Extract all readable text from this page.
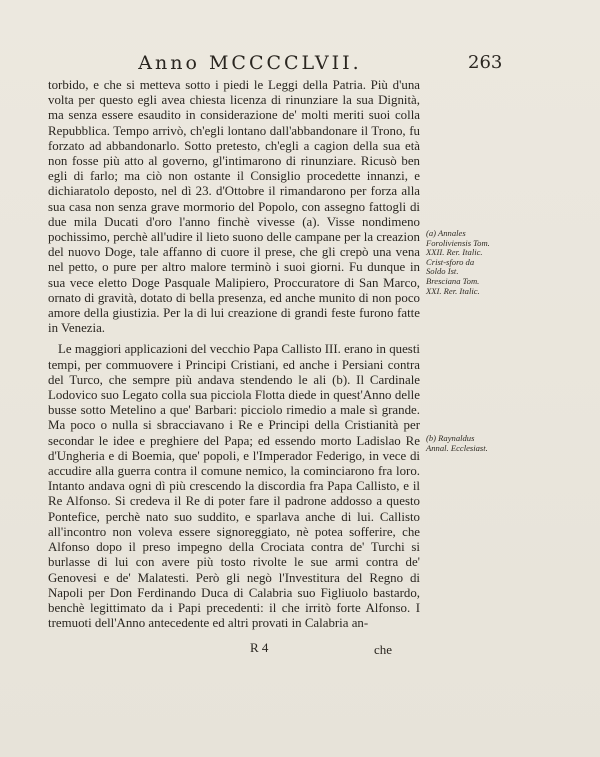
Anno MCCCCLVII.	263

torbido, e che si metteva sotto i piedi le Leggi della Patria. Più d'una volta per questo egli avea chiesta licenza di rinunziare la sua Dignità, ma senza essere esaudito in considerazione de' molti meriti suoi colla Repubblica. Tempo arrivò, ch'egli lontano dall'abbandonare il Trono, fu forzato ad abbandonarlo. Sotto pretesto, ch'egli a cagion della sua età non fosse più atto al governo, gl'intimarono di rinunziare. Ricusò ben egli di farlo; ma ciò non ostante il Consiglio procedette innanzi, e dichiaratolo deposto, nel dì 23. d'Ottobre il rimandarono per forza alla sua casa non senza grave mormorio del Popolo, con assegno fattogli di due mila Ducati d'oro l'anno finchè vivesse (a). Visse nondimeno pochissimo, perchè all'udire il lieto suono delle campane per la creazion del nuovo Doge, tale affanno di cuore il prese, che gli crepò una vena nel petto, o pure per altro malore terminò i suoi giorni. Fu dunque in sua vece eletto Doge Pasquale Malipiero, Proccuratore di San Marco, ornato di gravità, dotato di bella presenza, ed anche munito di non poco amore della giustizia. Per la di lui creazione di grandi feste furono fatte in Venezia.

Le maggiori applicazioni del vecchio Papa Callisto III. erano in questi tempi, per commuovere i Principi Cristiani, ed anche i Persiani contra del Turco, che sempre più andava stendendo le ali (b). Il Cardinale Lodovico suo Legato colla sua picciola Flotta diede in quest'Anno delle busse sotto Metelino a que' Barbari: picciolo rimedio a male sì grande. Ma poco o nulla si sbracciavano i Re e Principi della Cristianità per secondar le idee e preghiere del Papa; ed essendo morto Ladislao Re d'Ungheria e di Boemia, que' popoli, e l'Imperador Federigo, in vece di accudire alla guerra contra il comune nemico, la cominciarono fra loro. Intanto andava ogni dì più crescendo la discordia fra Papa Callisto, e il Re Alfonso. Si credeva il Re di poter fare il padrone addosso a questo Pontefice, perchè nato suo suddito, e sparlava anche di lui. Callisto all'incontro non voleva essere signoreggiato, nè potea sofferire, che Alfonso dopo il preso impegno della Crociata contra de' Turchi si burlasse di lui con avere più tosto rivolte le sue armi contra de' Genovesi e de' Malatesti. Però gli negò l'Investitura del Regno di Napoli per Don Ferdinando Duca di Calabria suo Figliuolo bastardo, benchè legittimato da i Papi precedenti: il che irritò forte Alfonso. I tremuoti dell'Anno antecedente ed altri provati in Calabria an-

(a) Annales Foroliviensis Tom. XXII. Rer. Italic. Crist-sforo da Soldo Ist. Bresciana Tom. XXI. Rer. Italic.
(b) Raynaldus Annal. Ecclesiast.
R 4	che
